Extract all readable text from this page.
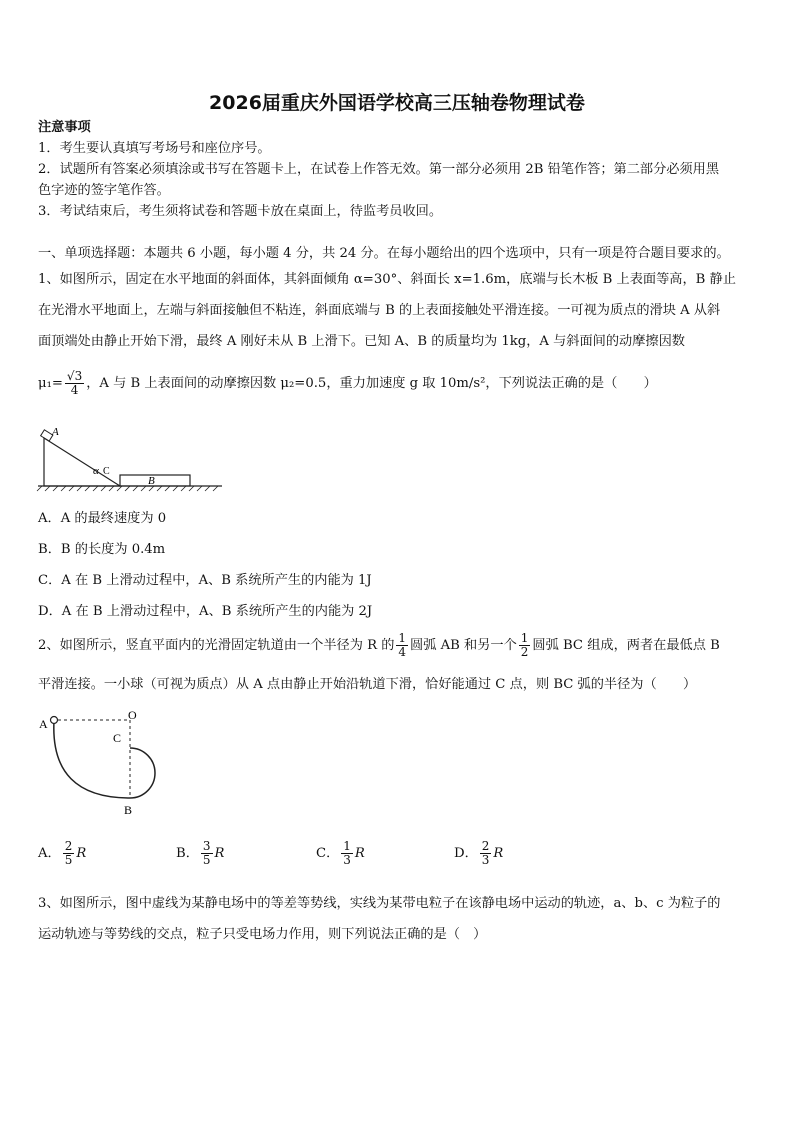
2026届重庆外国语学校高三压轴卷物理试卷
注意事项
1．考生要认真填写考场号和座位序号。
2．试题所有答案必须填涂或书写在答题卡上，在试卷上作答无效。第一部分必须用 2B 铅笔作答；第二部分必须用黑
色字迹的签字笔作答。
3．考试结束后，考生须将试卷和答题卡放在桌面上，待监考员收回。
一、单项选择题：本题共 6 小题，每小题 4 分，共 24 分。在每小题给出的四个选项中，只有一项是符合题目要求的。
1、如图所示，固定在水平地面的斜面体，其斜面倾角 α=30°、斜面长 x=1.6m，底端与长木板 B 上表面等高，B 静止
在光滑水平地面上，左端与斜面接触但不粘连，斜面底端与 B 的上表面接触处平滑连接。一可视为质点的滑块 A 从斜
面顶端处由静止开始下滑，最终 A 刚好未从 B 上滑下。已知 A、B 的质量均为 1kg，A 与斜面间的动摩擦因数
$\mu_1= \frac{√3}{4}$ ，A 与 B 上表面间的动摩擦因数 μ₂=0.5，重力加速度 g 取 10m/s²，下列说法正确的是（　　）
A
α C
B
A．A 的最终速度为 0
B．B 的长度为 0.4m
C．A 在 B 上滑动过程中，A、B 系统所产生的内能为 1J
D．A 在 B 上滑动过程中，A、B 系统所产生的内能为 2J
2、如图所示，竖直平面内的光滑固定轨道由一个半径为 R 的 $\frac{1}{4}$ 圆弧 AB 和另一个 $\frac{1}{2}$ 圆弧 BC 组成，两者在最低点 B
平滑连接。一小球（可视为质点）从 A 点由静止开始沿轨道下滑，恰好能通过 C 点，则 BC 弧的半径为（　　）
A
O
C
B
A． $\frac{2}{5}$ R	B． $\frac{3}{5}$ R	C． $\frac{1}{3}$ R	D． $\frac{2}{3}$ R
3、如图所示，图中虚线为某静电场中的等差等势线，实线为某带电粒子在该静电场中运动的轨迹，a、b、c 为粒子的
运动轨迹与等势线的交点，粒子只受电场力作用，则下列说法正确的是（　）
